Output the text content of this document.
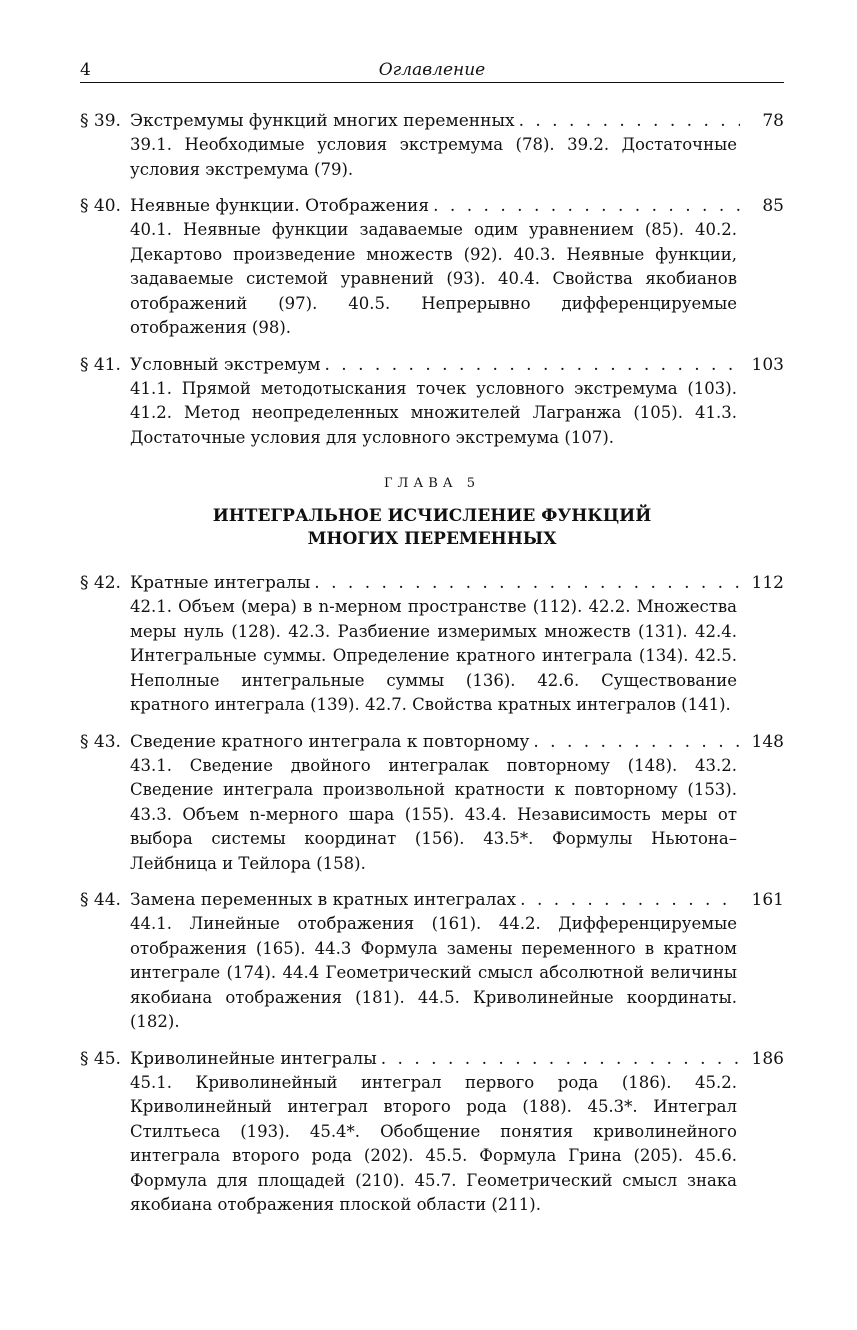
4	Оглавление
§ 39. Экстремумы функций многих переменных . . .	78
39.1. Необходимые условия экстремума (78). 39.2. Достаточные условия экстремума (79).
§ 40. Неявные функции. Отображения . . .	85
40.1. Неявные функции задаваемые одим уравнением (85). 40.2. Декартово произведение множеств (92). 40.3. Неявные функции, задаваемые системой уравнений (93). 40.4. Свойства якобианов отображений (97). 40.5. Непрерывно дифференцируемые отображения (98).
§ 41. Условный экстремум . . .	103
41.1. Прямой методотыскания точек условного экстремума (103). 41.2. Метод неопределенных множителей Лагранжа (105). 41.3. Достаточные условия для условного экстремума (107).
ГЛАВА 5
ИНТЕГРАЛЬНОЕ ИСЧИСЛЕНИЕ ФУНКЦИЙ МНОГИХ ПЕРЕМЕННЫХ
§ 42. Кратные интегралы . . .	112
42.1. Объем (мера) в n-мерном пространстве (112). 42.2. Множества меры нуль (128). 42.3. Разбиение измеримых множеств (131). 42.4. Интегральные суммы. Определение кратного интеграла (134). 42.5. Неполные интегральные суммы (136). 42.6. Существование кратного интеграла (139). 42.7. Свойства кратных интегралов (141).
§ 43. Сведение кратного интеграла к повторному . . .	148
43.1. Сведение двойного интегралак повторному (148). 43.2. Сведение интеграла произвольной кратности к повторному (153). 43.3. Объем n-мерного шара (155). 43.4. Независимость меры от выбора системы координат (156). 43.5*. Формулы Ньютона–Лейбница и Тейлора (158).
§ 44. Замена переменных в кратных интегралах . . .	161
44.1. Линейные отображения (161). 44.2. Дифференцируемые отображения (165). 44.3 Формула замены переменного в кратном интеграле (174). 44.4 Геометрический смысл абсолютной величины якобиана отображения (181). 44.5. Криволинейные координаты. (182).
§ 45. Криволинейные интегралы . . .	186
45.1. Криволинейный интеграл первого рода (186). 45.2. Криволинейный интеграл второго рода (188). 45.3*. Интеграл Стилтьеса (193). 45.4*. Обобщение понятия криволинейного интеграла второго рода (202). 45.5. Формула Грина (205). 45.6. Формула для площадей (210). 45.7. Геометрический смысл знака якобиана отображения плоской области (211).
